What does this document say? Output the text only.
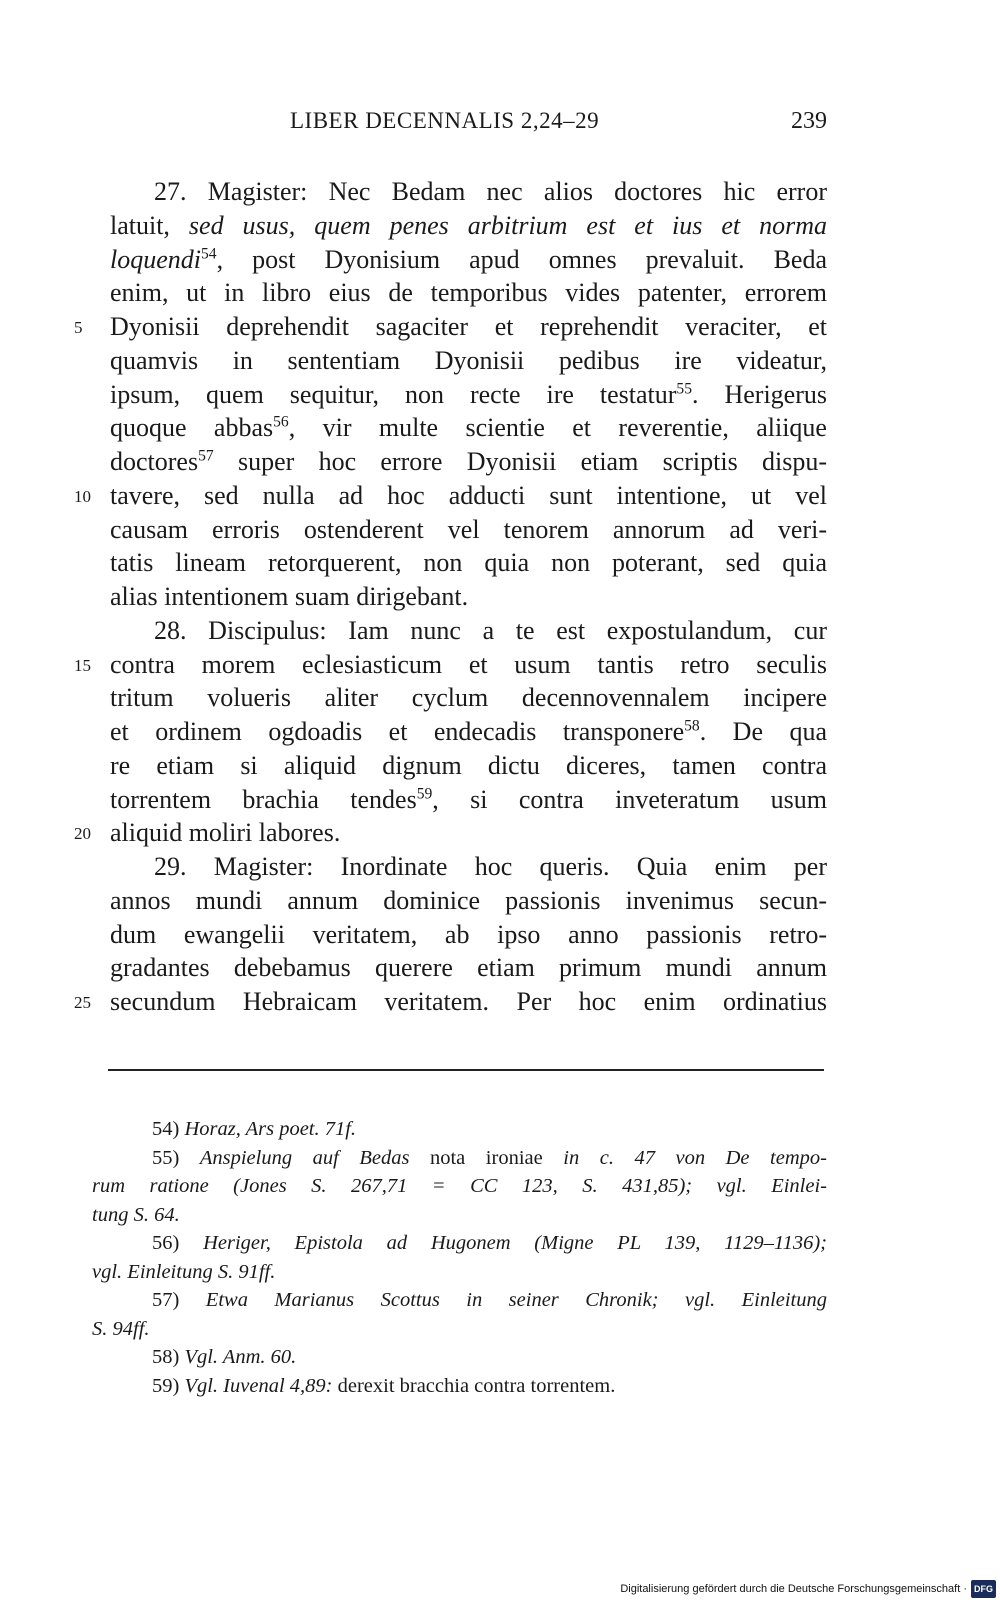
LIBER DECENNALIS 2,24–29	239
27. Magister: Nec Bedam nec alios doctores hic error
latuit, sed usus, quem penes arbitrium est et ius et norma
loquendi$^{54}$, post Dyonisium apud omnes prevaluit. Beda
enim, ut in libro eius de temporibus vides patenter, errorem
5	Dyonisii deprehendit sagaciter et reprehendit veraciter, et
quamvis in sententiam Dyonisii pedibus ire videatur,
ipsum, quem sequitur, non recte ire testatur$^{55}$. Herigerus
quoque abbas$^{56}$, vir multe scientie et reverentie, aliique
doctores$^{57}$ super hoc errore Dyonisii etiam scriptis dispu-
10 tavere, sed nulla ad hoc adducti sunt intentione, ut vel
causam erroris ostenderent vel tenorem annorum ad veri-
tatis lineam retorquerent, non quia non poterant, sed quia
alias intentionem suam dirigebant.
28. Discipulus: Iam nunc a te est expostulandum, cur
15 contra morem eclesiasticum et usum tantis retro seculis
tritum volueris aliter cyclum decennovennalem incipere
et ordinem ogdoadis et endecadis transponere$^{58}$. De qua
re etiam si aliquid dignum dictu diceres, tamen contra
torrentem brachia tendes$^{59}$, si contra inveteratum usum
20 aliquid moliri labores.
29. Magister: Inordinate hoc queris. Quia enim per
annos mundi annum dominice passionis invenimus secun-
dum ewangelii veritatem, ab ipso anno passionis retro-
gradantes debebamus querere etiam primum mundi annum
25 secundum Hebraicam veritatem. Per hoc enim ordinatius
54) Horaz, Ars poet. 71f.
55) Anspielung auf Bedas nota ironiae in c. 47 von De tempo-
rum ratione (Jones S. 267,71 = CC 123, S. 431,85); vgl. Einlei-
tung S. 64.
56) Heriger, Epistola ad Hugonem (Migne PL 139, 1129–1136);
vgl. Einleitung S. 91ff.
57) Etwa Marianus Scottus in seiner Chronik; vgl. Einleitung
S. 94ff.
58) Vgl. Anm. 60.
59) Vgl. Iuvenal 4,89: derexit bracchia contra torrentem.
Digitalisierung gefördert durch die Deutsche Forschungsgemeinschaft · DFG
